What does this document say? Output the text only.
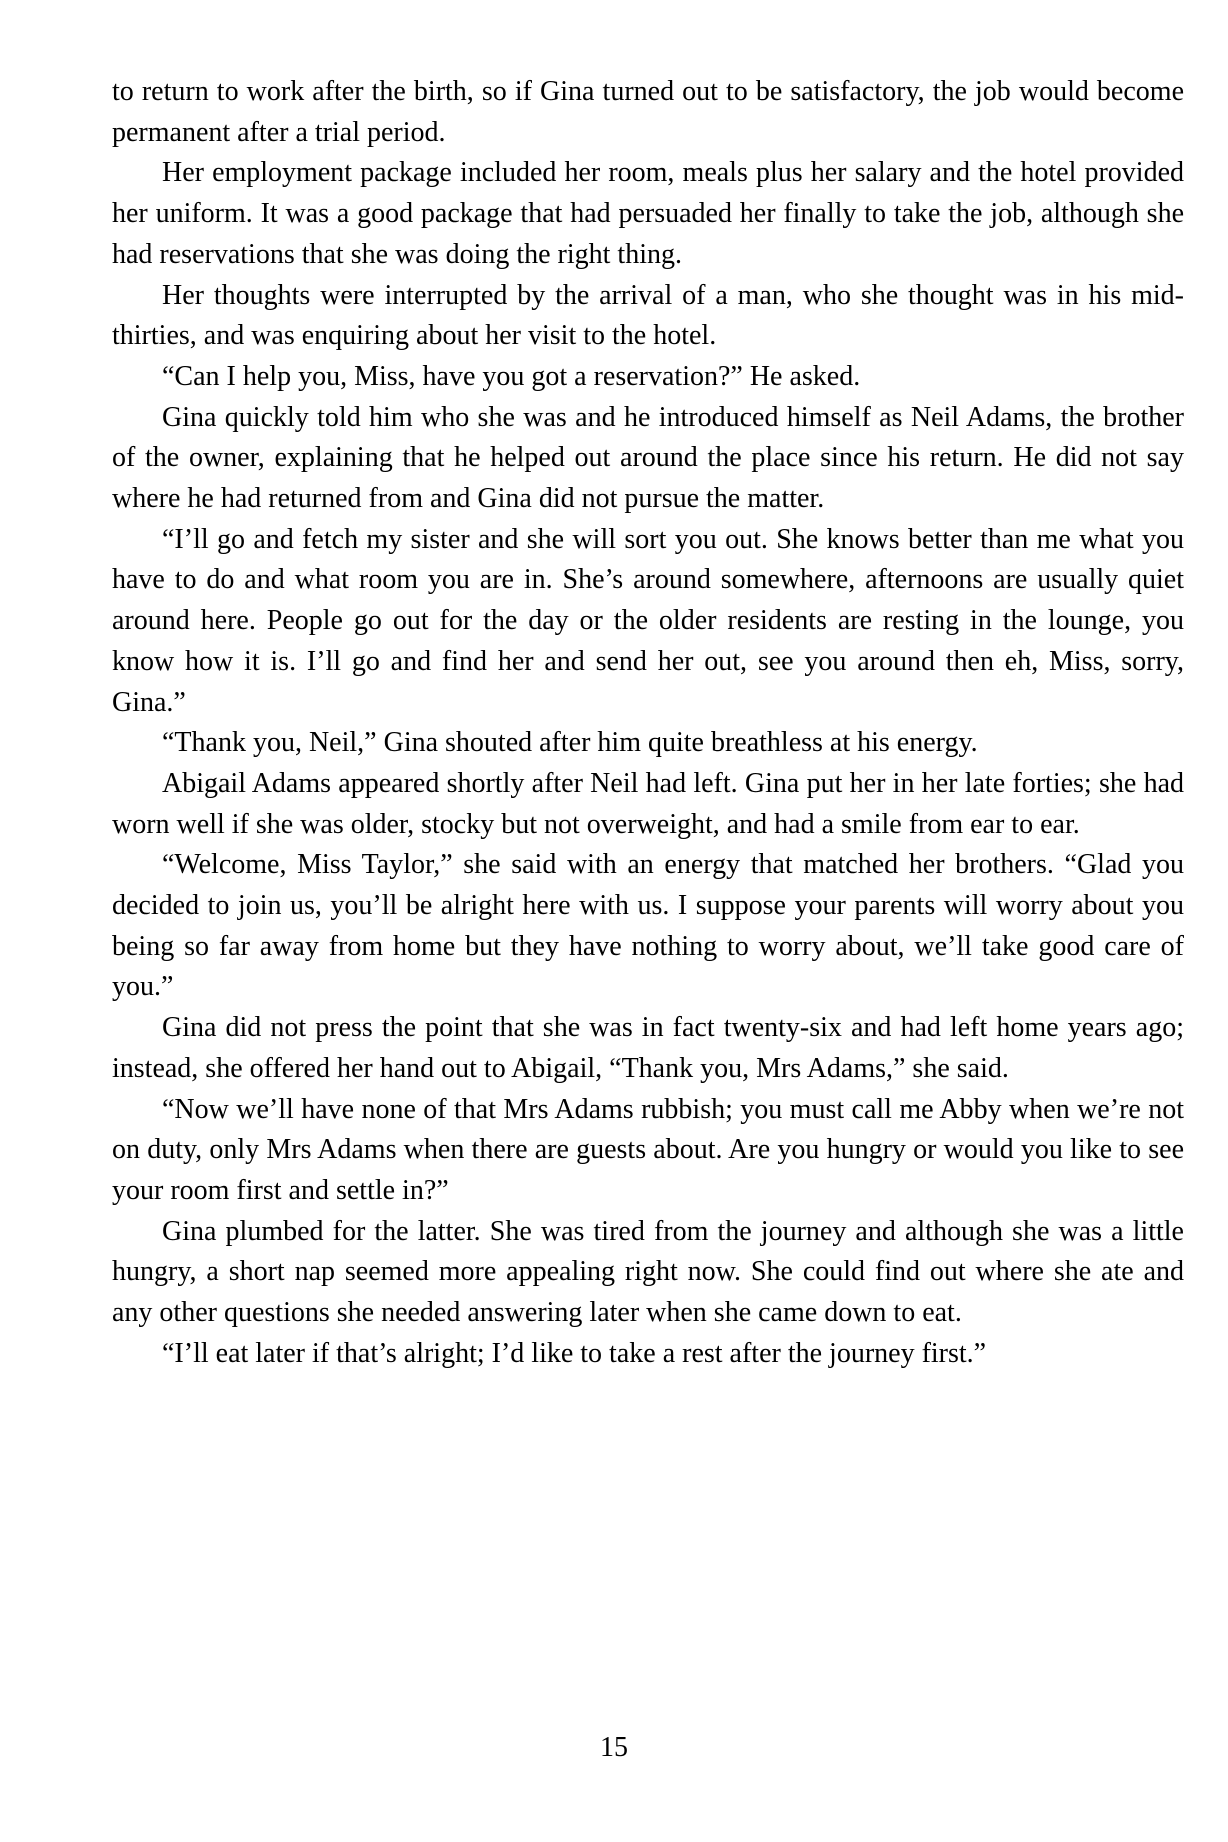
to return to work after the birth, so if Gina turned out to be satisfactory, the job would become permanent after a trial period.

Her employment package included her room, meals plus her salary and the hotel provided her uniform. It was a good package that had persuaded her finally to take the job, although she had reservations that she was doing the right thing.

Her thoughts were interrupted by the arrival of a man, who she thought was in his mid-thirties, and was enquiring about her visit to the hotel.

“Can I help you, Miss, have you got a reservation?” He asked.

Gina quickly told him who she was and he introduced himself as Neil Adams, the brother of the owner, explaining that he helped out around the place since his return. He did not say where he had returned from and Gina did not pursue the matter.

“I’ll go and fetch my sister and she will sort you out. She knows better than me what you have to do and what room you are in. She’s around somewhere, afternoons are usually quiet around here. People go out for the day or the older residents are resting in the lounge, you know how it is. I’ll go and find her and send her out, see you around then eh, Miss, sorry, Gina.”

“Thank you, Neil,” Gina shouted after him quite breathless at his energy.

Abigail Adams appeared shortly after Neil had left. Gina put her in her late forties; she had worn well if she was older, stocky but not overweight, and had a smile from ear to ear.

“Welcome, Miss Taylor,” she said with an energy that matched her brothers. “Glad you decided to join us, you’ll be alright here with us. I suppose your parents will worry about you being so far away from home but they have nothing to worry about, we’ll take good care of you.”

Gina did not press the point that she was in fact twenty-six and had left home years ago; instead, she offered her hand out to Abigail, “Thank you, Mrs Adams,” she said.

“Now we’ll have none of that Mrs Adams rubbish; you must call me Abby when we’re not on duty, only Mrs Adams when there are guests about. Are you hungry or would you like to see your room first and settle in?”

Gina plumbed for the latter. She was tired from the journey and although she was a little hungry, a short nap seemed more appealing right now. She could find out where she ate and any other questions she needed answering later when she came down to eat.

“I’ll eat later if that’s alright; I’d like to take a rest after the journey first.”

15
